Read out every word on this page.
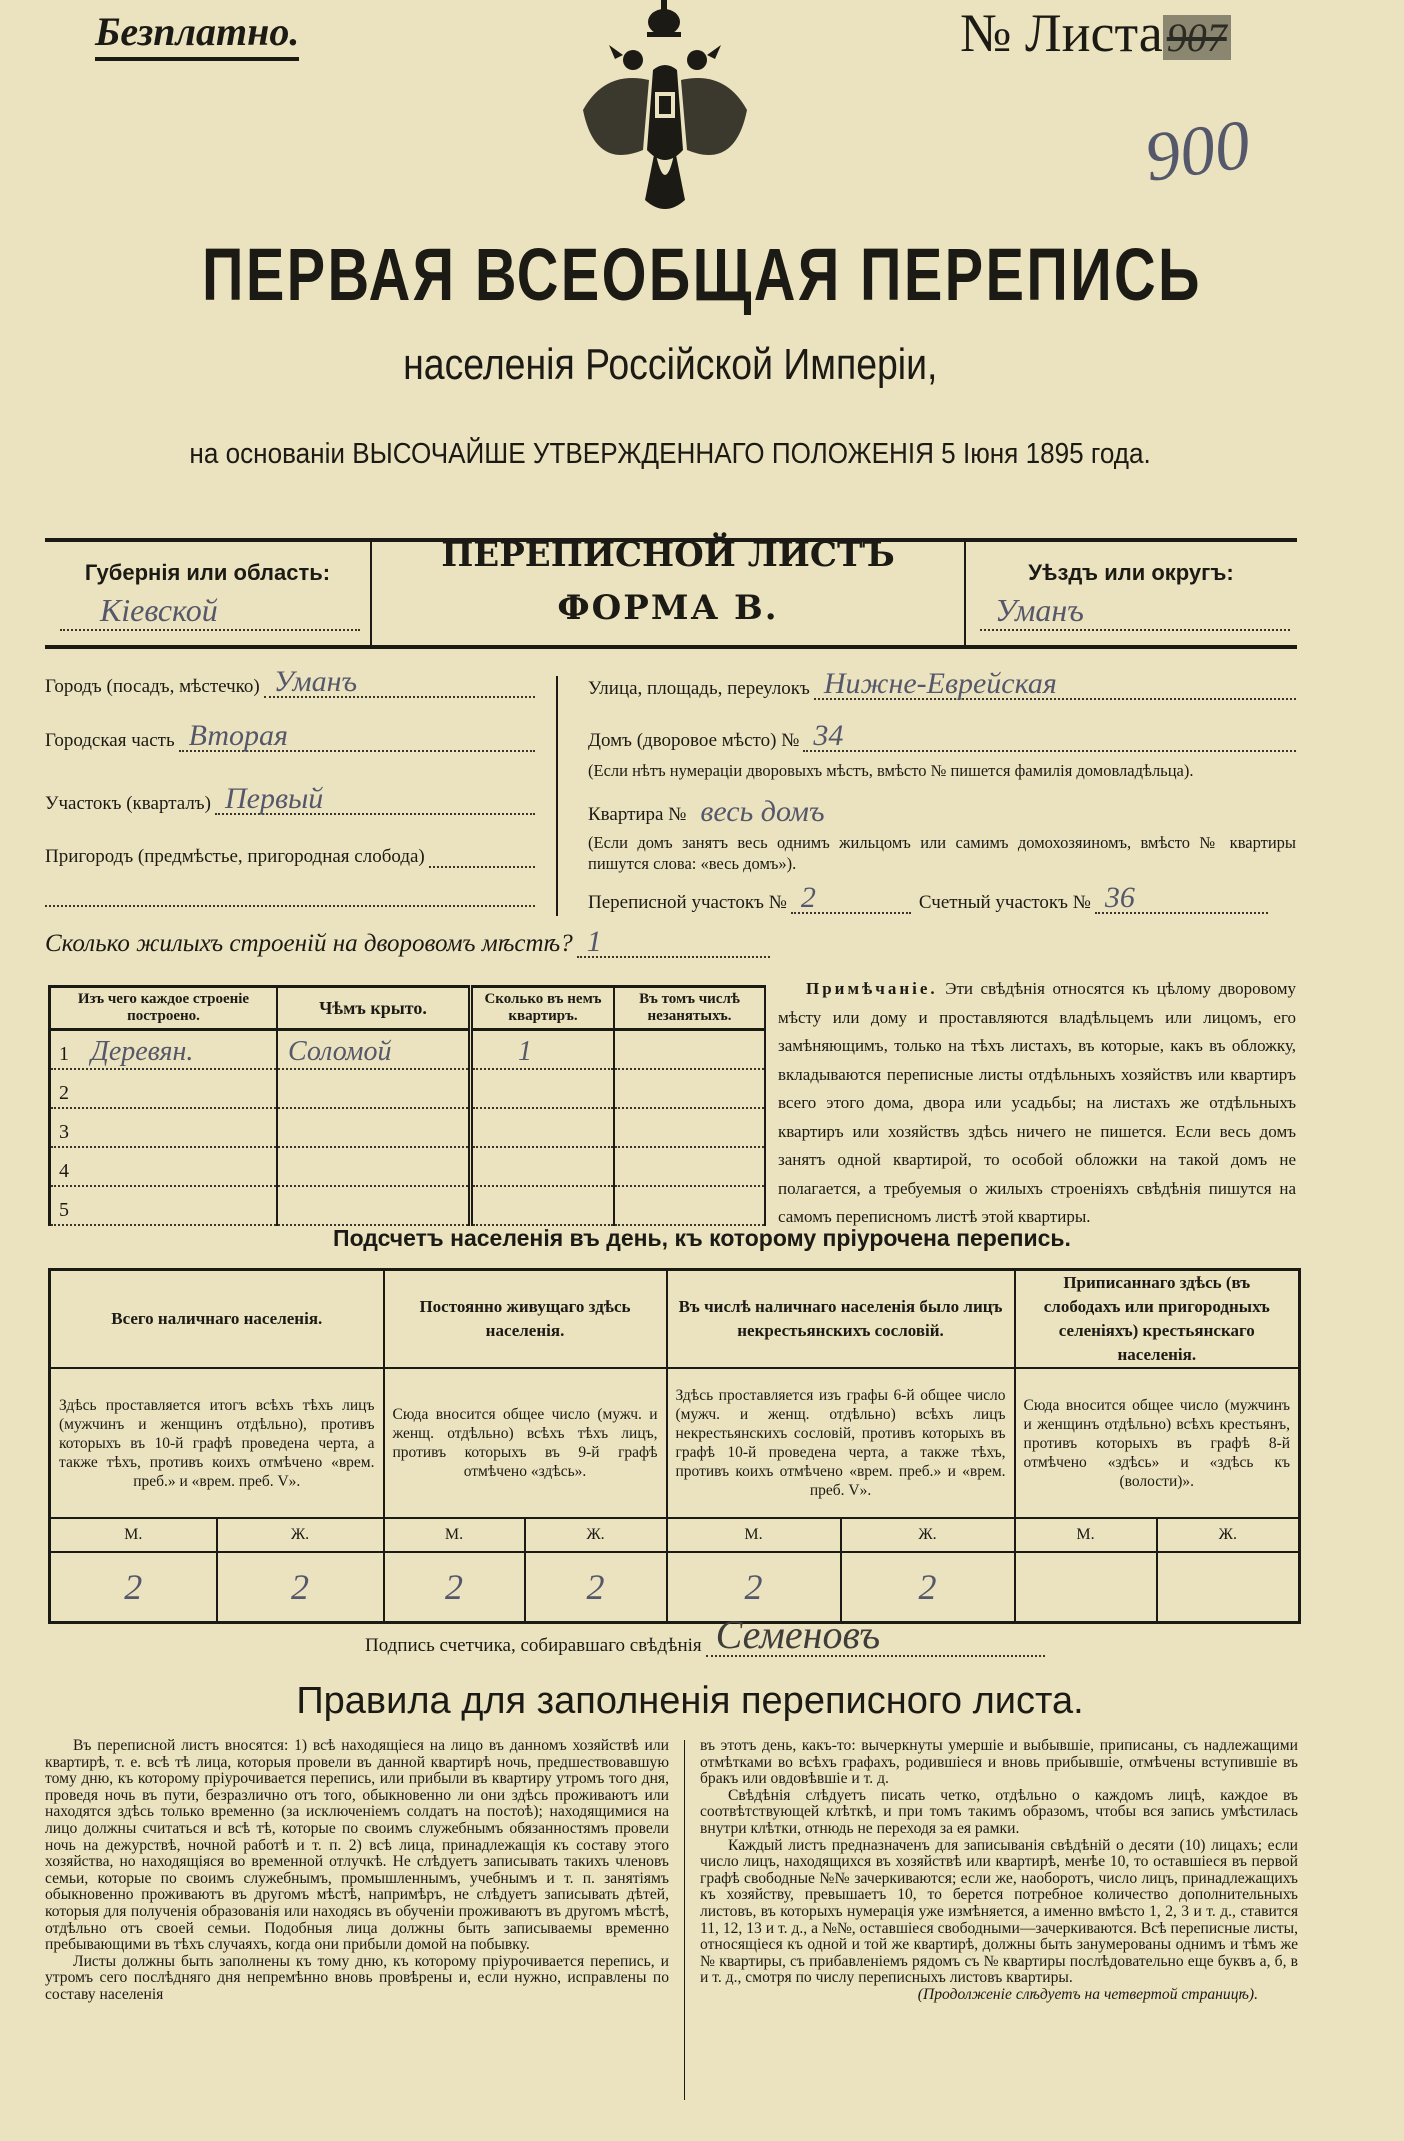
Безплатно.	№ Листа 907
900
ПЕРВАЯ ВСЕОБЩАЯ ПЕРЕПИСЬ
населенія Россійской Имперіи,
на основаніи ВЫСОЧАЙШЕ УТВЕРЖДЕННАГО ПОЛОЖЕНІЯ 5 Іюня 1895 года.
Губернія или область:
Кіевской
ПЕРЕПИСНОЙ ЛИСТЪ
ФОРМА В.
Уѣздъ или округъ:
Уманъ
Городъ (посадъ, мѣстечко) Уманъ
Городская часть Вторая
Участокъ (кварталъ) Первый
Пригородъ (предмѣстье, пригородная слобода)
Улица, площадь, переулокъ Нижне-Еврейская
Домъ (дворовое мѣсто) № 34
(Если нѣтъ нумераціи дворовыхъ мѣстъ, вмѣсто № пишется фамилія домовладѣльца).
Квартира № весь домъ
(Если домъ занятъ весь однимъ жильцомъ или самимъ домохозяиномъ, вмѣсто № квартиры пишутся слова: «весь домъ»).
Переписной участокъ № 2	Счетный участокъ № 36
Сколько жилыхъ строеній на дворовомъ мѣстѣ? 1
Изъ чего каждое строеніе построено.	Чѣмъ крыто.	Сколько въ немъ квартиръ.	Въ томъ числѣ незанятыхъ.
1 Деревян.	Соломой	1	
2			
3			
4			
5			
Примѣчаніе. Эти свѣдѣнія относятся къ цѣлому дворовому мѣсту или дому и проставляются владѣльцемъ или лицомъ, его замѣняющимъ, только на тѣхъ листахъ, въ которые, какъ въ обложку, вкладываются переписные листы отдѣльныхъ хозяйствъ или квартиръ всего этого дома, двора или усадьбы; на листахъ же отдѣльныхъ квартиръ или хозяйствъ здѣсь ничего не пишется. Если весь домъ занятъ одной квартирой, то особой обложки на такой домъ не полагается, а требуемыя о жилыхъ строеніяхъ свѣдѣнія пишутся на самомъ переписномъ листѣ этой квартиры.
Подсчетъ населенія въ день, къ которому пріурочена перепись.
Всего наличнаго населенія.		Постоянно живущаго здѣсь населенія.		Въ числѣ наличнаго населенія было лицъ некрестьянскихъ сословій.		Приписаннаго здѣсь (въ слободахъ или пригородныхъ селеніяхъ) крестьянскаго населенія.	
Здѣсь проставляется итогъ всѣхъ тѣхъ лицъ (мужчинъ и женщинъ отдѣльно), противъ которыхъ въ 10-й графѣ проведена черта, а также тѣхъ, противъ коихъ отмѣчено «врем. преб.» и «врем. преб. V».		Сюда вносится общее число (мужч. и женщ. отдѣльно) всѣхъ тѣхъ лицъ, противъ которыхъ въ 9-й графѣ отмѣчено «здѣсь».		Здѣсь проставляется изъ графы 6-й общее число (мужч. и женщ. отдѣльно) всѣхъ лицъ некрестьянскихъ сословій, противъ которыхъ въ графѣ 10-й проведена черта, а также тѣхъ, противъ коихъ отмѣчено «врем. преб.» и «врем. преб. V».		Сюда вносится общее число (мужчинъ и женщинъ отдѣльно) всѣхъ крестьянъ, противъ которыхъ въ графѣ 8-й отмѣчено «здѣсь» и «здѣсь къ (волости)».	
М.	Ж.	М.	Ж.	М.	Ж.	М.	Ж.
2	2	2	2	2	2		
Подпись счетчика, собиравшаго свѣдѣнія Семеновъ
Правила для заполненія переписного листа.

Въ переписной листъ вносятся: 1) всѣ находящіеся на лицо въ данномъ хозяйствѣ или квартирѣ, т. е. всѣ тѣ лица, которыя провели въ данной квартирѣ ночь, предшествовавшую тому дню, къ которому пріурочивается перепись, или прибыли въ квартиру утромъ того дня, проведя ночь въ пути, безразлично отъ того, обыкновенно ли они здѣсь проживаютъ или находятся здѣсь только временно (за исключеніемъ солдатъ на постоѣ); находящимися на лицо должны считаться и всѣ тѣ, которые по своимъ служебнымъ обязанностямъ провели ночь на дежурствѣ, ночной работѣ и т. п. 2) всѣ лица, принадлежащія къ составу этого хозяйства, но находящіяся во временной отлучкѣ. Не слѣдуетъ записывать такихъ членовъ семьи, которые по своимъ служебнымъ, промышленнымъ, учебнымъ и т. п. занятіямъ обыкновенно проживаютъ въ другомъ мѣстѣ, напримѣръ, не слѣдуетъ записывать дѣтей, которыя для полученія образованія или находясь въ обученіи проживаютъ въ другомъ мѣстѣ, отдѣльно отъ своей семьи. Подобныя лица должны быть записываемы временно пребывающими въ тѣхъ случаяхъ, когда они прибыли домой на побывку.

Листы должны быть заполнены къ тому дню, къ которому пріурочивается перепись, и утромъ сего послѣдняго дня непремѣнно вновь провѣрены и, если нужно, исправлены по составу населенія

въ этотъ день, какъ-то: вычеркнуты умершіе и выбывшіе, приписаны, съ надлежащими отмѣтками во всѣхъ графахъ, родившіеся и вновь прибывшіе, отмѣчены вступившіе въ бракъ или овдовѣвшіе и т. д.

Свѣдѣнія слѣдуетъ писать четко, отдѣльно о каждомъ лицѣ, каждое въ соотвѣтствующей клѣткѣ, и при томъ такимъ образомъ, чтобы вся запись умѣстилась внутри клѣтки, отнюдь не переходя за ея рамки.

Каждый листъ предназначенъ для записыванія свѣдѣній о десяти (10) лицахъ; если число лицъ, находящихся въ хозяйствѣ или квартирѣ, менѣе 10, то оставшіеся въ первой графѣ свободные №№ зачеркиваются; если же, наоборотъ, число лицъ, принадлежащихъ къ хозяйству, превышаетъ 10, то берется потребное количество дополнительныхъ листовъ, въ которыхъ нумерація уже измѣняется, а именно вмѣсто 1, 2, 3 и т. д., ставится 11, 12, 13 и т. д., а №№, оставшіеся свободными—зачеркиваются. Всѣ переписные листы, относящіеся къ одной и той же квартирѣ, должны быть занумерованы однимъ и тѣмъ же № квартиры, съ прибавленіемъ рядомъ съ № квартиры послѣдовательно еще буквъ а, б, в и т. д., смотря по числу переписныхъ листовъ квартиры.

(Продолженіе слѣдуетъ на четвертой страницѣ).
